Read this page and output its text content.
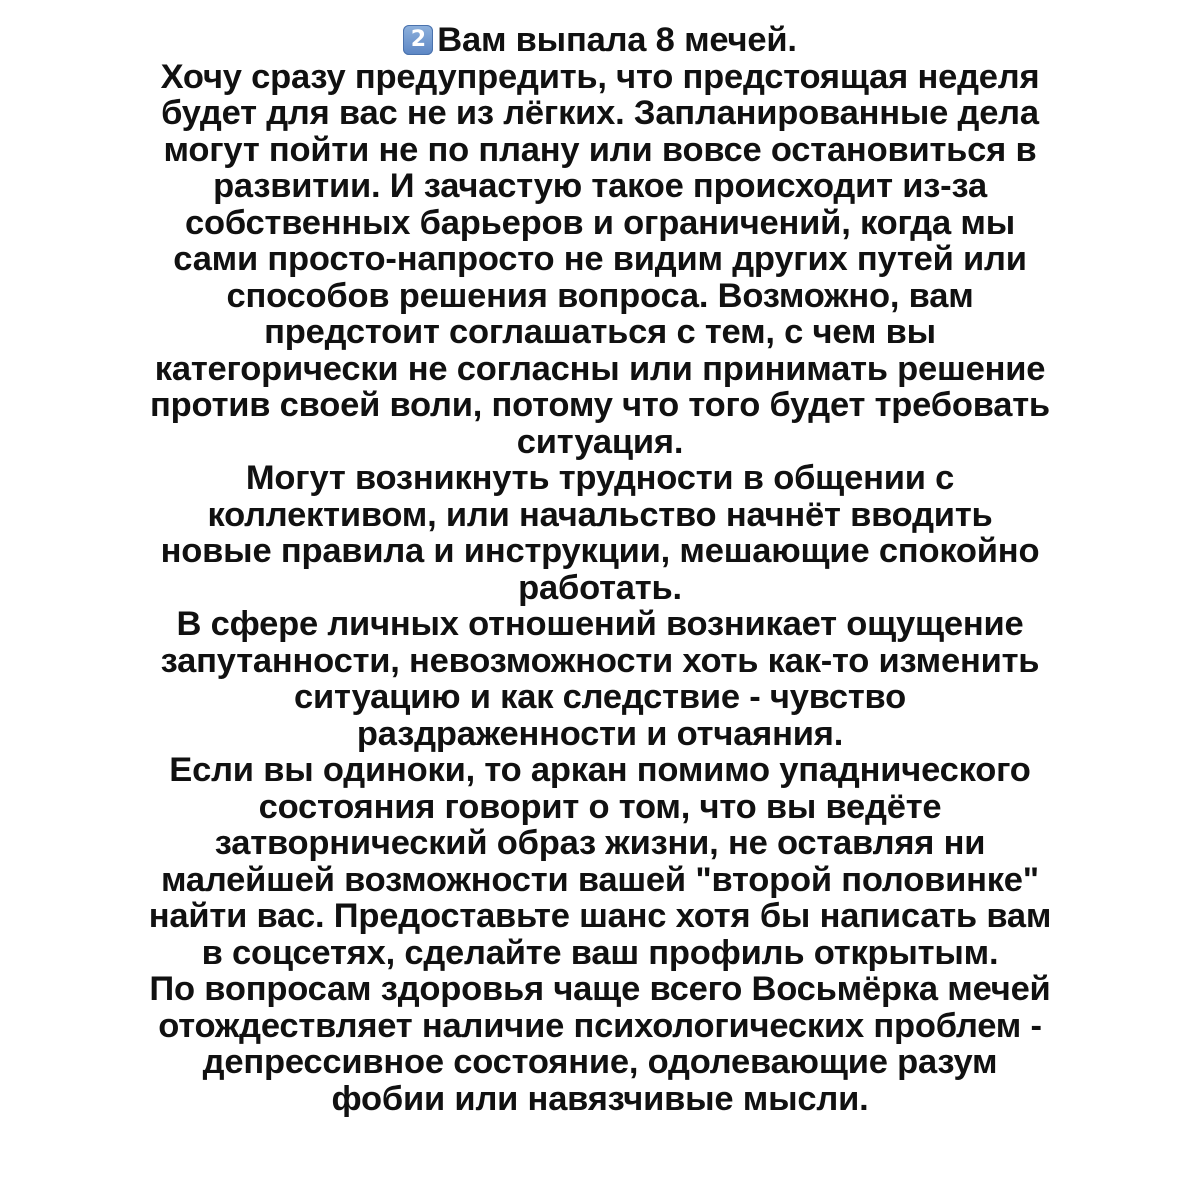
2 Вам выпала 8 мечей.
Хочу сразу предупредить, что предстоящая неделя
будет для вас не из лёгких. Запланированные дела
могут пойти не по плану или вовсе остановиться в
развитии. И зачастую такое происходит из-за
собственных барьеров и ограничений, когда мы
сами просто-напросто не видим других путей или
способов решения вопроса. Возможно, вам
предстоит соглашаться с тем, с чем вы
категорически не согласны или принимать решение
против своей воли, потому что того будет требовать
ситуация.
Могут возникнуть трудности в общении с
коллективом, или начальство начнёт вводить
новые правила и инструкции, мешающие спокойно
работать.
В сфере личных отношений возникает ощущение
запутанности, невозможности хоть как-то изменить
ситуацию и как следствие - чувство
раздраженности и отчаяния.
Если вы одиноки, то аркан помимо упаднического
состояния говорит о том, что вы ведёте
затворнический образ жизни, не оставляя ни
малейшей возможности вашей "второй половинке"
найти вас. Предоставьте шанс хотя бы написать вам
в соцсетях, сделайте ваш профиль открытым.
По вопросам здоровья чаще всего Восьмёрка мечей
отождествляет наличие психологических проблем -
депрессивное состояние, одолевающие разум
фобии или навязчивые мысли.
